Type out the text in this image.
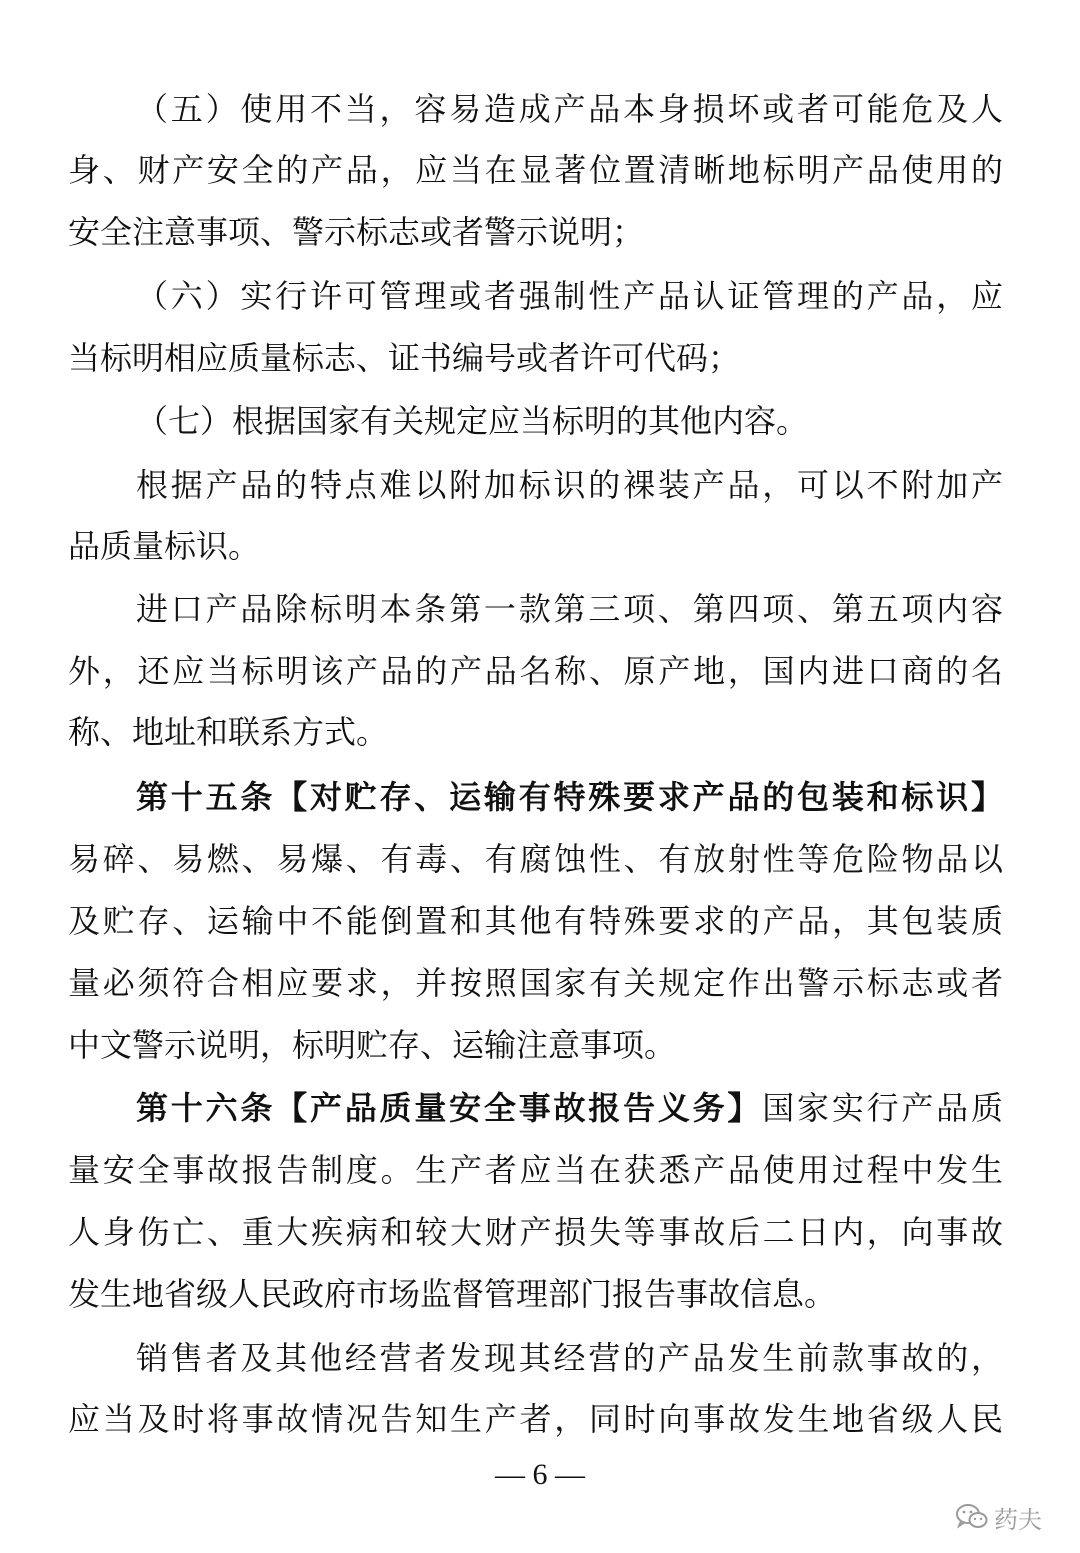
（五）使用不当，容易造成产品本身损坏或者可能危及人
身、财产安全的产品，应当在显著位置清晰地标明产品使用的
安全注意事项、警示标志或者警示说明；
（六）实行许可管理或者强制性产品认证管理的产品，应
当标明相应质量标志、证书编号或者许可代码；
（七）根据国家有关规定应当标明的其他内容。
根据产品的特点难以附加标识的裸装产品，可以不附加产
品质量标识。
进口产品除标明本条第一款第三项、第四项、第五项内容
外，还应当标明该产品的产品名称、原产地，国内进口商的名
称、地址和联系方式。
第十五条【对贮存、运输有特殊要求产品的包装和标识】
易碎、易燃、易爆、有毒、有腐蚀性、有放射性等危险物品以
及贮存、运输中不能倒置和其他有特殊要求的产品，其包装质
量必须符合相应要求，并按照国家有关规定作出警示标志或者
中文警示说明，标明贮存、运输注意事项。
第十六条【产品质量安全事故报告义务】国家实行产品质
量安全事故报告制度。生产者应当在获悉产品使用过程中发生
人身伤亡、重大疾病和较大财产损失等事故后二日内，向事故
发生地省级人民政府市场监督管理部门报告事故信息。
销售者及其他经营者发现其经营的产品发生前款事故的，
应当及时将事故情况告知生产者，同时向事故发生地省级人民
— 6 —
药夫
